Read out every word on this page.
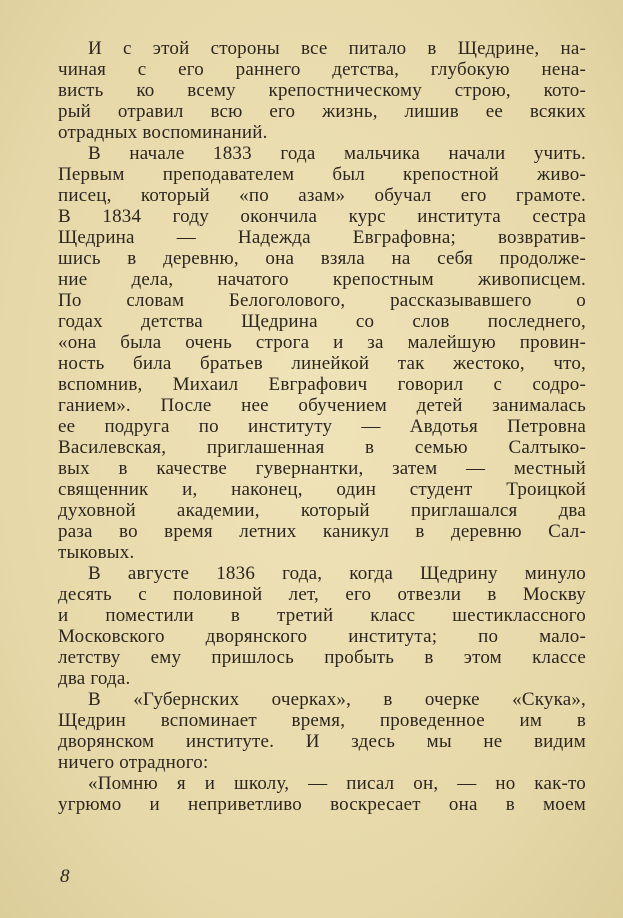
И с этой стороны все питало в Щедрине, на-
чиная с его раннего детства, глубокую нена-
висть ко всему крепостническому строю, кото-
рый отравил всю его жизнь, лишив ее всяких
отрадных воспоминаний.
В начале 1833 года мальчика начали учить.
Первым преподавателем был крепостной живо-
писец, который «по азам» обучал его грамоте.
В 1834 году окончила курс института сестра
Щедрина — Надежда Евграфовна; возвратив-
шись в деревню, она взяла на себя продолже-
ние дела, начатого крепостным живописцем.
По словам Белоголового, рассказывавшего о
годах детства Щедрина со слов последнего,
«она была очень строга и за малейшую провин-
ность била братьев линейкой так жестоко, что,
вспомнив, Михаил Евграфович говорил с содро-
ганием». После нее обучением детей занималась
ее подруга по институту — Авдотья Петровна
Василевская, приглашенная в семью Салтыко-
вых в качестве гувернантки, затем — местный
священник и, наконец, один студент Троицкой
духовной академии, который приглашался два
раза во время летних каникул в деревню Сал-
тыковых.
В августе 1836 года, когда Щедрину минуло
десять с половиной лет, его отвезли в Москву
и поместили в третий класс шестиклассного
Московского дворянского института; по мало-
летству ему пришлось пробыть в этом классе
два года.
В «Губернских очерках», в очерке «Скука»,
Щедрин вспоминает время, проведенное им в
дворянском институте. И здесь мы не видим
ничего отрадного:
«Помню я и школу, — писал он, — но как-то
угрюмо и неприветливо воскресает она в моем
8
